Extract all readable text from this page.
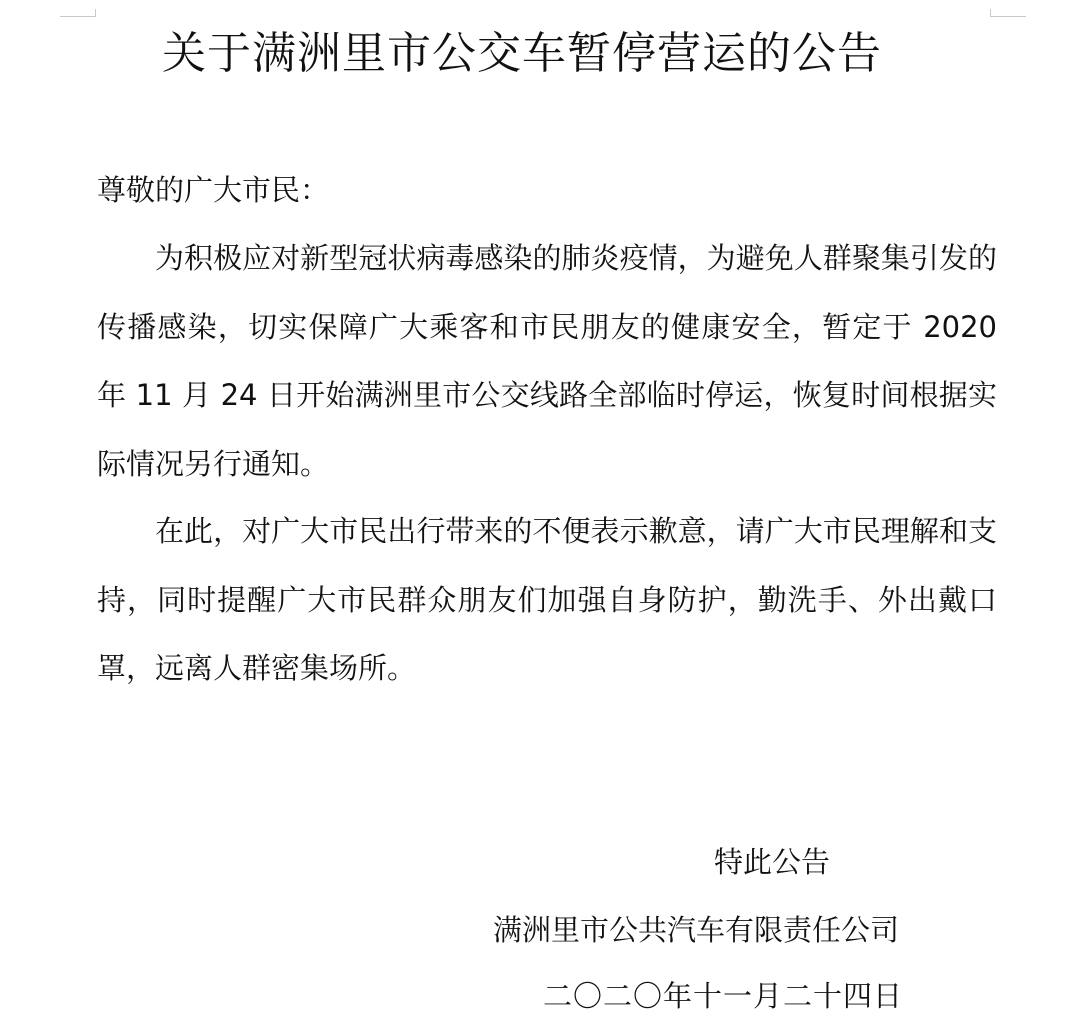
关于满洲里市公交车暂停营运的公告
尊敬的广大市民：
为积极应对新型冠状病毒感染的肺炎疫情，为避免人群聚集引发的传播感染，切实保障广大乘客和市民朋友的健康安全，暂定于 2020 年 11 月 24 日开始满洲里市公交线路全部临时停运，恢复时间根据实际情况另行通知。
在此，对广大市民出行带来的不便表示歉意，请广大市民理解和支持，同时提醒广大市民群众朋友们加强自身防护，勤洗手、外出戴口罩，远离人群密集场所。
特此公告
满洲里市公共汽车有限责任公司
二〇二〇年十一月二十四日
